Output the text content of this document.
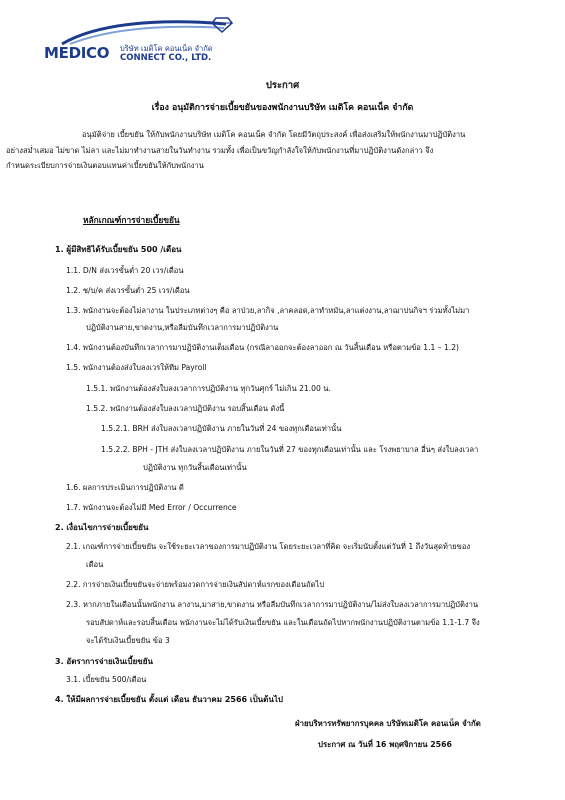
MEDICO บริษัท เมดิโค คอนเน็ค จำกัด
CONNECT CO., LTD.
ประกาศ
เรื่อง อนุมัติการจ่ายเบี้ยขยันของพนักงานบริษัท เมดิโค คอนเน็ค จำกัด
อนุมัติจ่าย เบี้ยขยัน ให้กับพนักงานบริษัท เมดิโค คอนเน็ค จำกัด โดยมีวัตถุประสงค์ เพื่อส่งเสริมให้พนักงานมาปฏิบัติงาน
อย่างสม่ำเสมอ ไม่ขาด ไม่ลา และไม่มาทำงานสายในวันทำงาน รวมทั้ง เพื่อเป็นขวัญกำลังใจให้กับพนักงานที่มาปฏิบัติงานดังกล่าว จึง
กำหนดระเบียบการจ่ายเงินตอบแทนค่าเบี้ยขยันให้กับพนักงาน
หลักเกณฑ์การจ่ายเบี้ยขยัน
1. ผู้มีสิทธิได้รับเบี้ยขยัน 500 /เดือน
1.1. D/N ส่งเวรขั้นต่ำ 20 เวร/เดือน
1.2. ช/บ/ค ส่งเวรขั้นต่ำ 25 เวร/เดือน
1.3. พนักงานจะต้องไม่ลางาน ในประเภทต่างๆ คือ ลาป่วย,ลากิจ ,ลาคลอด,ลาทำหมัน,ลาแต่งงาน,ลาฌาปนกิจฯ ร่วมทั้งไม่มา
ปฏิบัติงานสาย,ขาดงาน,หรือลืมบันทึกเวลาการมาปฏิบัติงาน
1.4. พนักงานต้องบันทึกเวลาการมาปฏิบัติงานเต็มเดือน (กรณีลาออกจะต้องลาออก ณ วันสิ้นเดือน หรือตามข้อ 1.1 – 1.2)
1.5. พนักงานต้องส่งใบลงเวรให้ทีม Payroll
1.5.1. พนักงานต้องส่งใบลงเวลาการปฏิบัติงาน ทุกวันศุกร์ ไม่เกิน 21.00 น.
1.5.2. พนักงานต้องส่งใบลงเวลาปฏิบัติงาน รอบสิ้นเดือน ดังนี้
1.5.2.1. BRH ส่งใบลงเวลาปฏิบัติงาน ภายในวันที่ 24 ของทุกเดือนเท่านั้น
1.5.2.2. BPH - JTH ส่งใบลงเวลาปฏิบัติงาน ภายในวันที่ 27 ของทุกเดือนเท่านั้น และ โรงพยาบาล อื่นๆ ส่งใบลงเวลา
ปฏิบัติงาน ทุกวันสิ้นเดือนเท่านั้น
1.6. ผลการประเมินการปฏิบัติงาน ดี
1.7. พนักงานจะต้องไม่มี Med Error / Occurrence
2. เงื่อนไขการจ่ายเบี้ยขยัน
2.1. เกณฑ์การจ่ายเบี้ยขยัน จะใช้ระยะเวลาของการมาปฏิบัติงาน โดยระยะเวลาที่คิด จะเริ่มนับตั้งแต่วันที่ 1 ถึงวันสุดท้ายของ
เดือน
2.2. การจ่ายเงินเบี้ยขยันจะจ่ายพร้อมงวดการจ่ายเงินสัปดาห์แรกของเดือนถัดไป
2.3. หากภายในเดือนนั้นพนักงาน ลางาน,มาสาย,ขาดงาน หรือลืมบันทึกเวลาการมาปฏิบัติงาน/ไม่ส่งใบลงเวลาการมาปฏิบัติงาน
รอบสัปดาห์และรอบสิ้นเดือน พนักงานจะไม่ได้รับเงินเบี้ยขยัน และในเดือนถัดไปหากพนักงานปฏิบัติงานตามข้อ 1.1-1.7 จึง
จะได้รับเงินเบี้ยขยัน ข้อ 3
3. อัตราการจ่ายเงินเบี้ยขยัน
3.1. เบี้ยขยัน 500/เดือน
4. ให้มีผลการจ่ายเบี้ยขยัน ตั้งแต่ เดือน ธันวาคม 2566 เป็นต้นไป
ฝ่ายบริหารทรัพยากรบุคคล บริษัทเมดิโค คอนเน็ค จำกัด
ประกาศ ณ วันที่ 16 พฤศจิกายน 2566
